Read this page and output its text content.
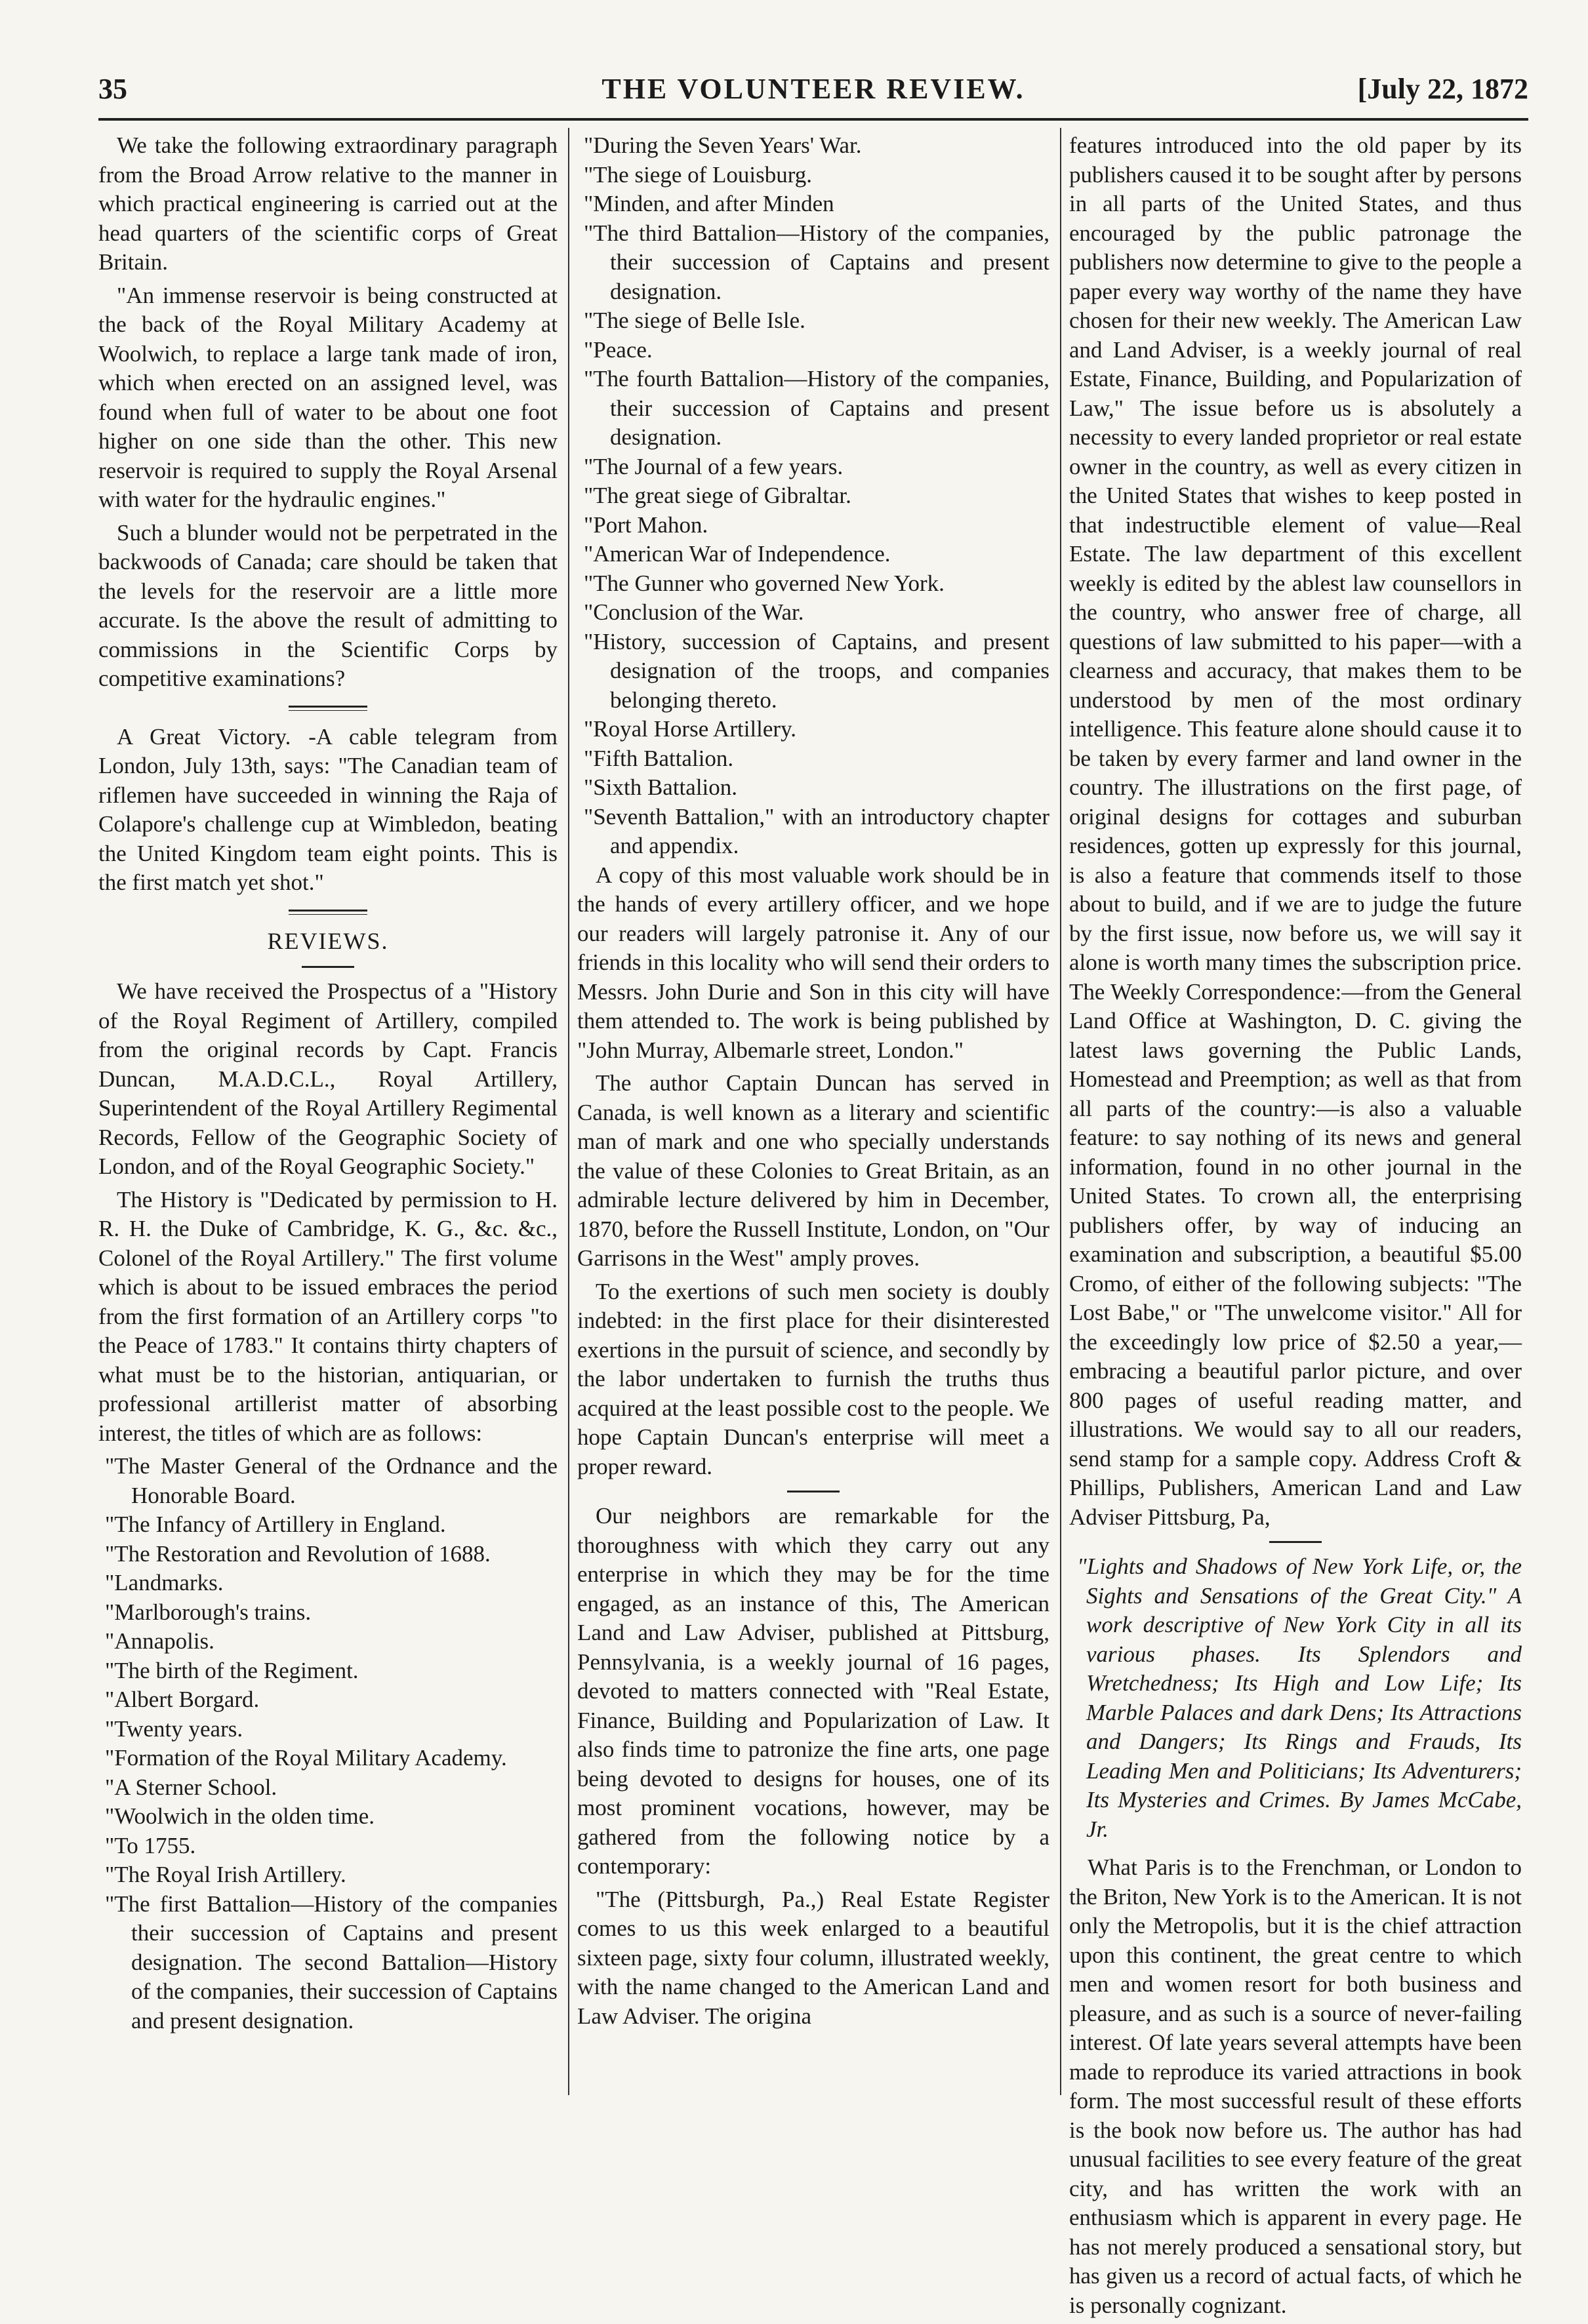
35	THE VOLUNTEER REVIEW.	[July 22, 1872

We take the following extraordinary paragraph from the Broad Arrow relative to the manner in which practical engineering is carried out at the head quarters of the scientific corps of Great Britain.

"An immense reservoir is being constructed at the back of the Royal Military Academy at Woolwich, to replace a large tank made of iron, which when erected on an assigned level, was found when full of water to be about one foot higher on one side than the other. This new reservoir is required to supply the Royal Arsenal with water for the hydraulic engines."

Such a blunder would not be perpetrated in the backwoods of Canada; care should be taken that the levels for the reservoir are a little more accurate. Is the above the result of admitting to commissions in the Scientific Corps by competitive examinations?

A Great Victory. -A cable telegram from London, July 13th, says: "The Canadian team of riflemen have succeeded in winning the Raja of Colapore's challenge cup at Wimbledon, beating the United Kingdom team eight points. This is the first match yet shot."

REVIEWS.

We have received the Prospectus of a "History of the Royal Regiment of Artillery, compiled from the original records by Capt. Francis Duncan, M.A.D.C.L., Royal Artillery, Superintendent of the Royal Artillery Regimental Records, Fellow of the Geographic Society of London, and of the Royal Geographic Society."

The History is "Dedicated by permission to H. R. H. the Duke of Cambridge, K. G., &c. &c., Colonel of the Royal Artillery." The first volume which is about to be issued embraces the period from the first formation of an Artillery corps "to the Peace of 1783." It contains thirty chapters of what must be to the historian, antiquarian, or professional artillerist matter of absorbing interest, the titles of which are as follows:

"The Master General of the Ordnance and the Honorable Board.
"The Infancy of Artillery in England.
"The Restoration and Revolution of 1688.
"Landmarks.
"Marlborough's trains.
"Annapolis.
"The birth of the Regiment.
"Albert Borgard.
"Twenty years.
"Formation of the Royal Military Academy.
"A Sterner School.
"Woolwich in the olden time.
"To 1755.
"The Royal Irish Artillery.
"The first Battalion—History of the companies their succession of Captains and present designation. The second Battalion—History of the companies, their succession of Captains and present designation.
"During the Seven Years' War.
"The siege of Louisburg.
"Minden, and after Minden
"The third Battalion—History of the companies, their succession of Captains and present designation.
"The siege of Belle Isle.
"Peace.
"The fourth Battalion—History of the companies, their succession of Captains and present designation.
"The Journal of a few years.
"The great siege of Gibraltar.
"Port Mahon.
"American War of Independence.
"The Gunner who governed New York.
"Conclusion of the War.
"History, succession of Captains, and present designation of the troops, and companies belonging thereto.
"Royal Horse Artillery.
"Fifth Battalion.
"Sixth Battalion.
"Seventh Battalion," with an introductory chapter and appendix.

A copy of this most valuable work should be in the hands of every artillery officer, and we hope our readers will largely patronise it. Any of our friends in this locality who will send their orders to Messrs. John Durie and Son in this city will have them attended to. The work is being published by "John Murray, Albemarle street, London."

The author Captain Duncan has served in Canada, is well known as a literary and scientific man of mark and one who specially understands the value of these Colonies to Great Britain, as an admirable lecture delivered by him in December, 1870, before the Russell Institute, London, on "Our Garrisons in the West" amply proves.

To the exertions of such men society is doubly indebted: in the first place for their disinterested exertions in the pursuit of science, and secondly by the labor undertaken to furnish the truths thus acquired at the least possible cost to the people. We hope Captain Duncan's enterprise will meet a proper reward.

Our neighbors are remarkable for the thoroughness with which they carry out any enterprise in which they may be for the time engaged, as an instance of this, The American Land and Law Adviser, published at Pittsburg, Pennsylvania, is a weekly journal of 16 pages, devoted to matters connected with "Real Estate, Finance, Building and Popularization of Law. It also finds time to patronize the fine arts, one page being devoted to designs for houses, one of its most prominent vocations, however, may be gathered from the following notice by a contemporary:

"The (Pittsburgh, Pa.,) Real Estate Register comes to us this week enlarged to a beautiful sixteen page, sixty four column, illustrated weekly, with the name changed to the American Land and Law Adviser. The origina

features introduced into the old paper by its publishers caused it to be sought after by persons in all parts of the United States, and thus encouraged by the public patronage the publishers now determine to give to the people a paper every way worthy of the name they have chosen for their new weekly. The American Law and Land Adviser, is a weekly journal of real Estate, Finance, Building, and Popularization of Law," The issue before us is absolutely a necessity to every landed proprietor or real estate owner in the country, as well as every citizen in the United States that wishes to keep posted in that indestructible element of value—Real Estate. The law department of this excellent weekly is edited by the ablest law counsellors in the country, who answer free of charge, all questions of law submitted to his paper—with a clearness and accuracy, that makes them to be understood by men of the most ordinary intelligence. This feature alone should cause it to be taken by every farmer and land owner in the country. The illustrations on the first page, of original designs for cottages and suburban residences, gotten up expressly for this journal, is also a feature that commends itself to those about to build, and if we are to judge the future by the first issue, now before us, we will say it alone is worth many times the subscription price. The Weekly Correspondence:—from the General Land Office at Washington, D. C. giving the latest laws governing the Public Lands, Homestead and Preemption; as well as that from all parts of the country:—is also a valuable feature: to say nothing of its news and general information, found in no other journal in the United States. To crown all, the enterprising publishers offer, by way of inducing an examination and subscription, a beautiful $5.00 Cromo, of either of the following subjects: "The Lost Babe," or "The unwelcome visitor." All for the exceedingly low price of $2.50 a year,—embracing a beautiful parlor picture, and over 800 pages of useful reading matter, and illustrations. We would say to all our readers, send stamp for a sample copy. Address Croft & Phillips, Publishers, American Land and Law Adviser Pittsburg, Pa,

"Lights and Shadows of New York Life, or, the Sights and Sensations of the Great City." A work descriptive of New York City in all its various phases. Its Splendors and Wretchedness; Its High and Low Life; Its Marble Palaces and dark Dens; Its Attractions and Dangers; Its Rings and Frauds, Its Leading Men and Politicians; Its Adventurers; Its Mysteries and Crimes. By James McCabe, Jr.

What Paris is to the Frenchman, or London to the Briton, New York is to the American. It is not only the Metropolis, but it is the chief attraction upon this continent, the great centre to which men and women resort for both business and pleasure, and as such is a source of never-failing interest. Of late years several attempts have been made to reproduce its varied attractions in book form. The most successful result of these efforts is the book now before us. The author has had unusual facilities to see every feature of the great city, and has written the work with an enthusiasm which is apparent in every page. He has not merely produced a sensational story, but has given us a record of actual facts, of which he is personally cognizant.
